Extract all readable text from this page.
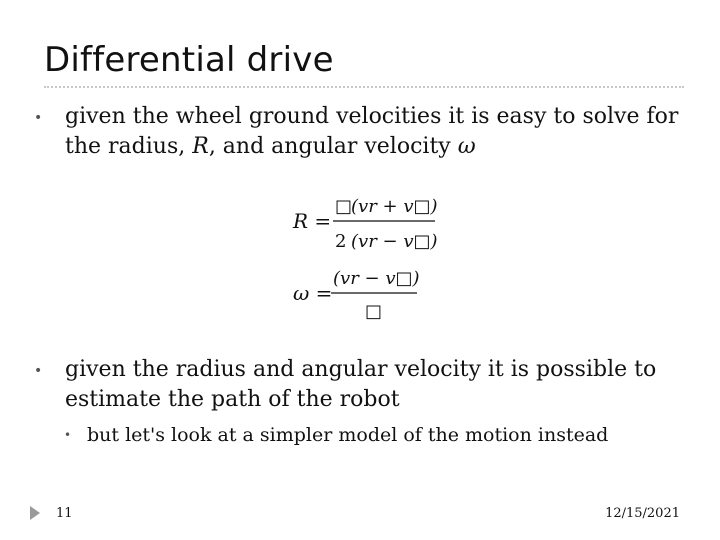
Differential drive
• given the wheel ground velocities it is easy to solve for the radius, R, and angular velocity ω
R =
□
(vr + v□)
2 (vr − v□)
ω =
(vr − v□)
□
• given the radius and angular velocity it is possible to estimate the path of the robot
• but let's look at a simpler model of the motion instead
11	12/15/2021
